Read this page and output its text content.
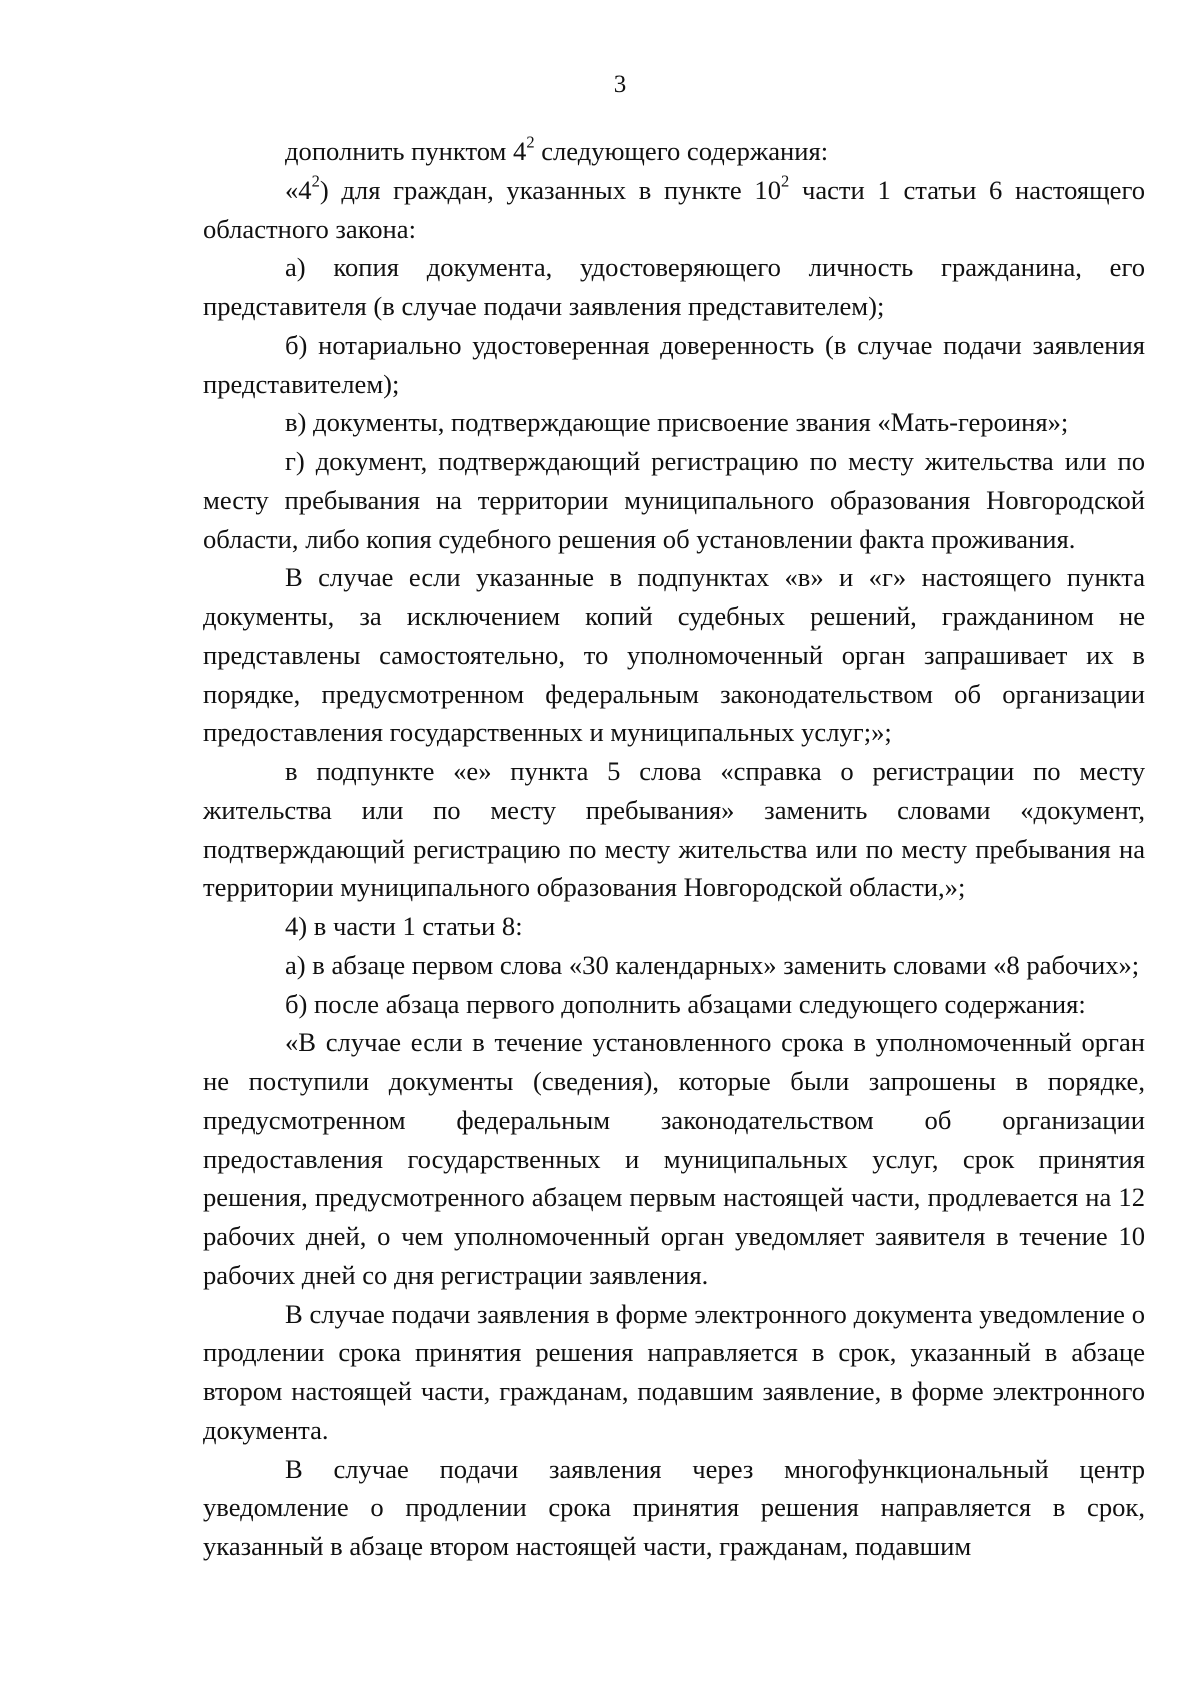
3

дополнить пунктом $4^2$ следующего содержания:

«$4^2$) для граждан, указанных в пункте $10^2$ части 1 статьи 6 настоящего областного закона:

а) копия документа, удостоверяющего личность гражданина, его представителя (в случае подачи заявления представителем);

б) нотариально удостоверенная доверенность (в случае подачи заявления представителем);

в) документы, подтверждающие присвоение звания «Мать-героиня»;

г) документ, подтверждающий регистрацию по месту жительства или по месту пребывания на территории муниципального образования Новгородской области, либо копия судебного решения об установлении факта проживания.

В случае если указанные в подпунктах «в» и «г» настоящего пункта документы, за исключением копий судебных решений, гражданином не представлены самостоятельно, то уполномоченный орган запрашивает их в порядке, предусмотренном федеральным законодательством об организации предоставления государственных и муниципальных услуг;»;

в подпункте «е» пункта 5 слова «справка о регистрации по месту жительства или по месту пребывания» заменить словами «документ, подтверждающий регистрацию по месту жительства или по месту пребывания на территории муниципального образования Новгородской области,»;

4) в части 1 статьи 8:

а) в абзаце первом слова «30 календарных» заменить словами «8 рабочих»;

б) после абзаца первого дополнить абзацами следующего содержания:

«В случае если в течение установленного срока в уполномоченный орган не поступили документы (сведения), которые были запрошены в порядке, предусмотренном федеральным законодательством об организации предоставления государственных и муниципальных услуг, срок принятия решения, предусмотренного абзацем первым настоящей части, продлевается на 12 рабочих дней, о чем уполномоченный орган уведомляет заявителя в течение 10 рабочих дней со дня регистрации заявления.

В случае подачи заявления в форме электронного документа уведомление о продлении срока принятия решения направляется в срок, указанный в абзаце втором настоящей части, гражданам, подавшим заявление, в форме электронного документа.

В случае подачи заявления через многофункциональный центр уведомление о продлении срока принятия решения направляется в срок, указанный в абзаце втором настоящей части, гражданам, подавшим
